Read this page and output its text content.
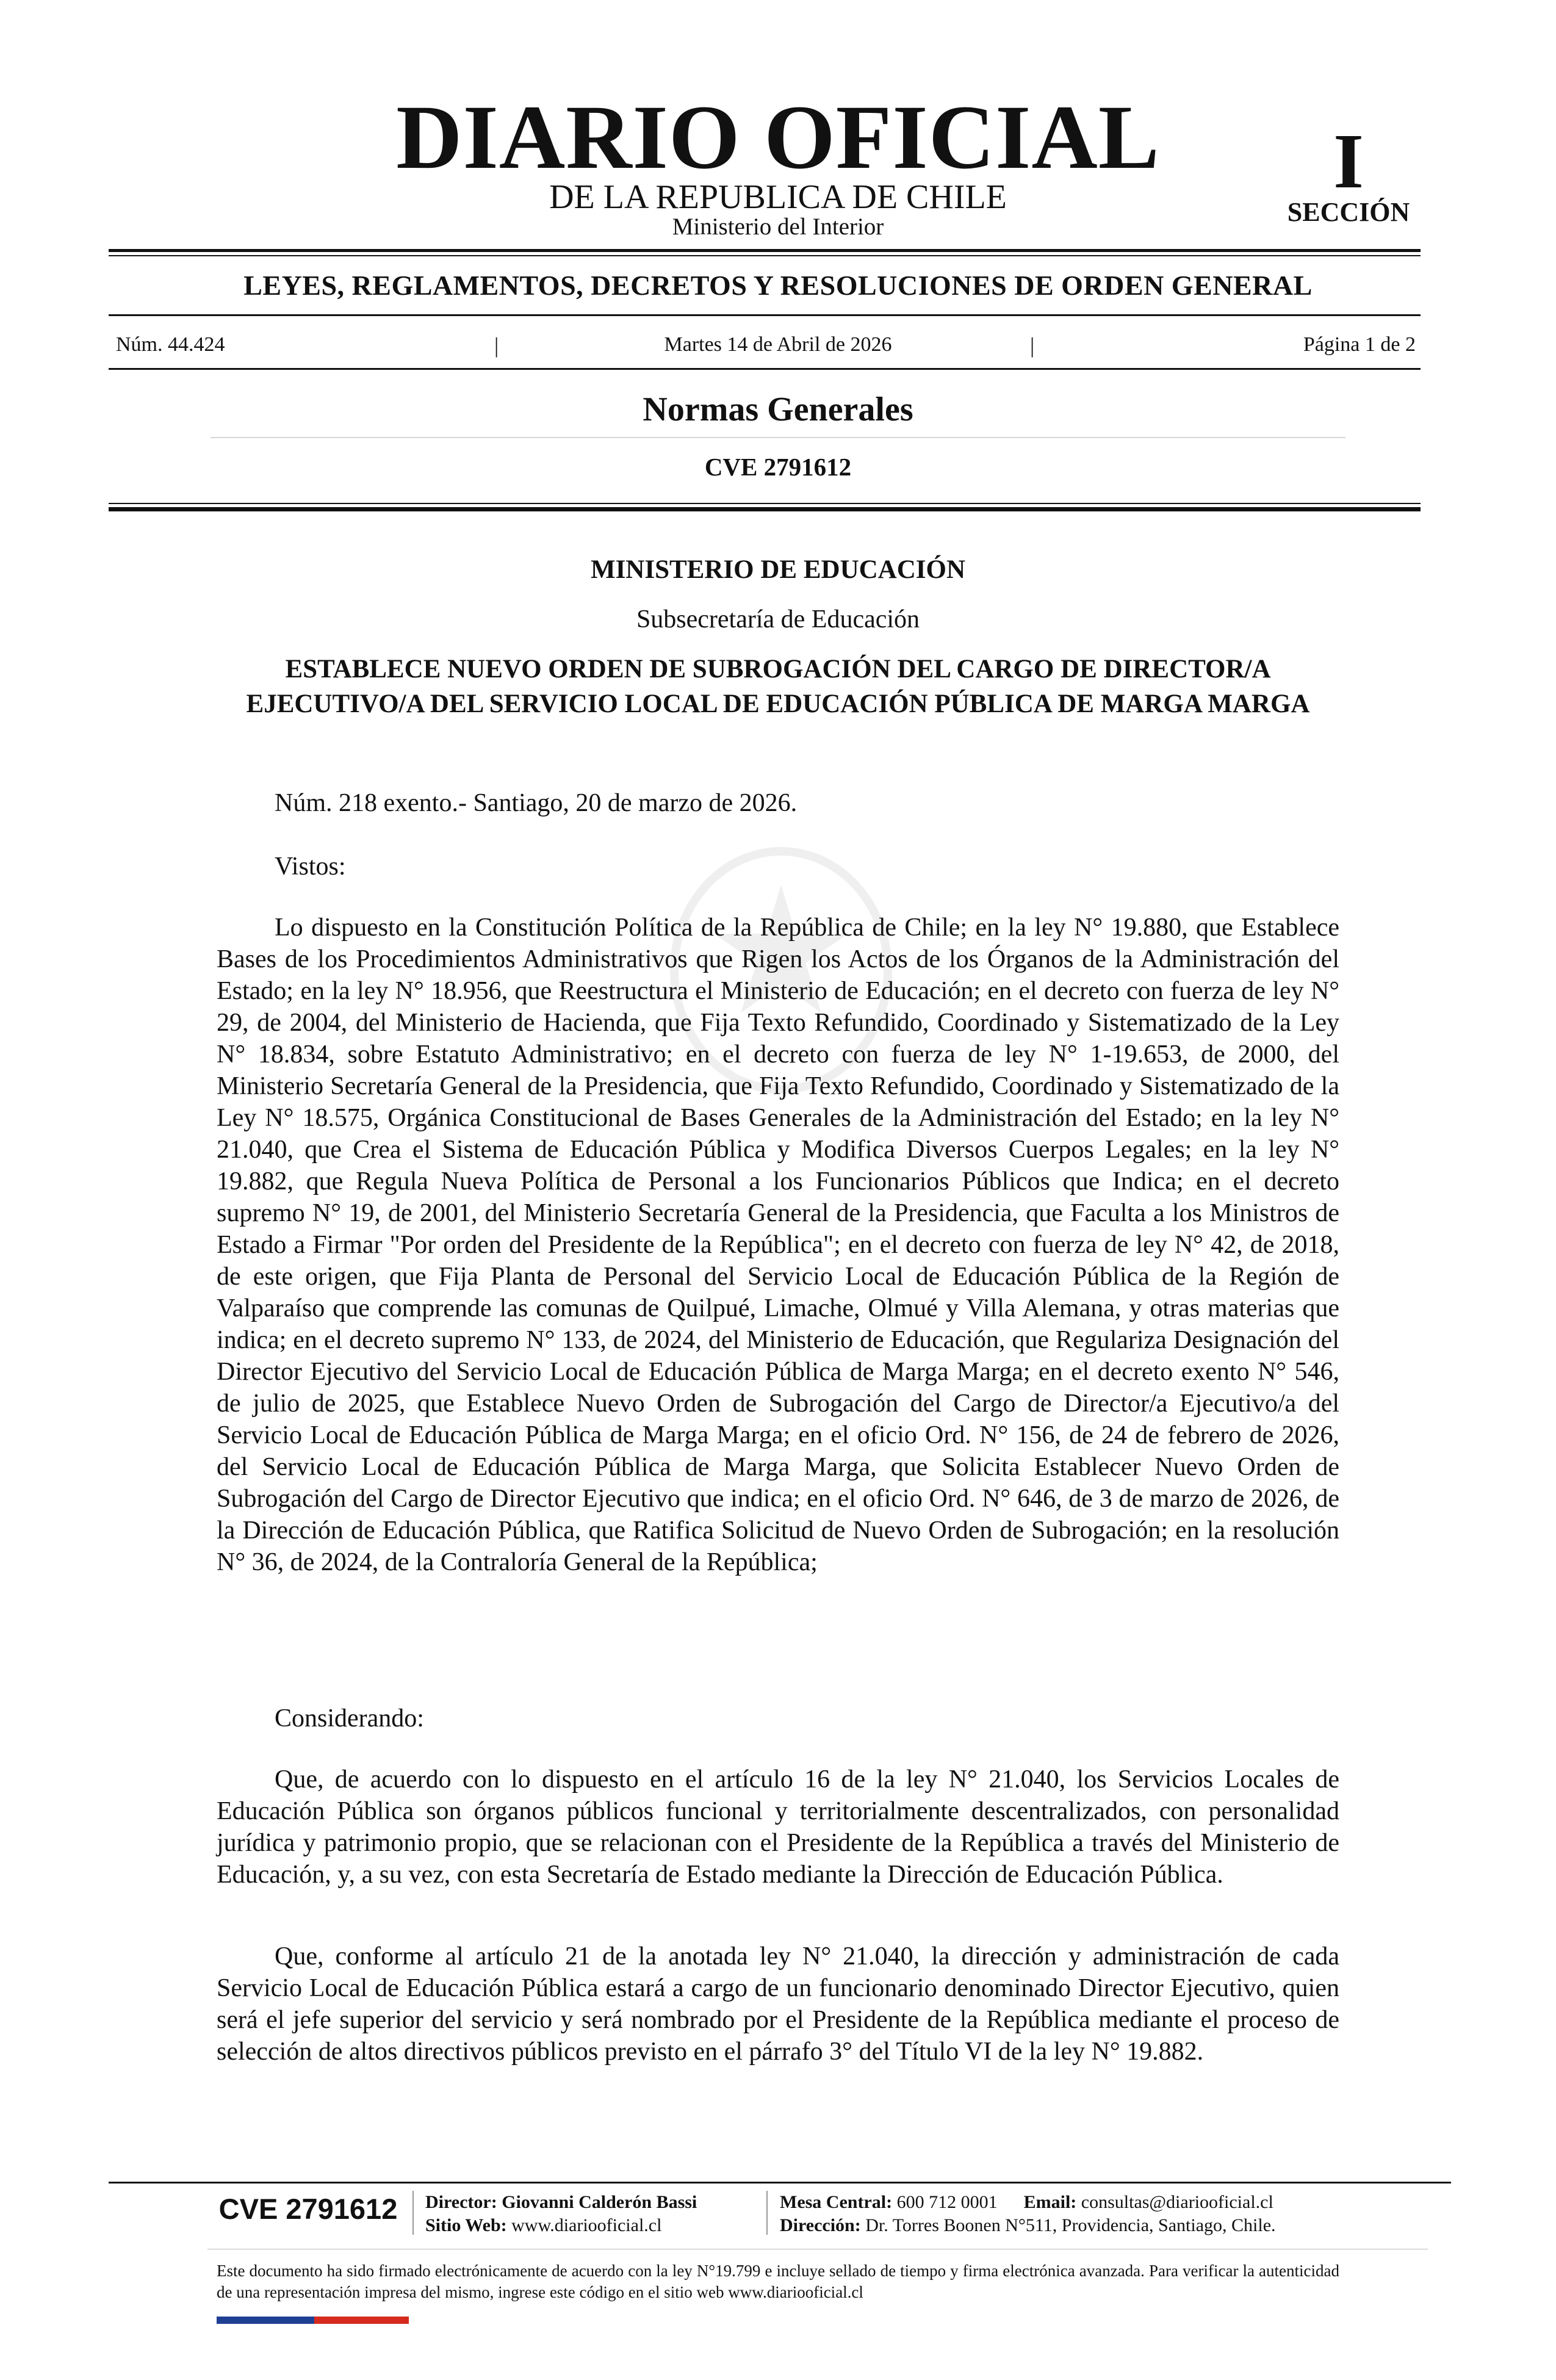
DIARIO OFICIAL
DE LA REPUBLICA DE CHILE
Ministerio del Interior
I
SECCIÓN
LEYES, REGLAMENTOS, DECRETOS Y RESOLUCIONES DE ORDEN GENERAL
Núm. 44.424	|	Martes 14 de Abril de 2026	|	Página 1 de 2
Normas Generales
CVE 2791612
MINISTERIO DE EDUCACIÓN
Subsecretaría de Educación
ESTABLECE NUEVO ORDEN DE SUBROGACIÓN DEL CARGO DE DIRECTOR/A EJECUTIVO/A DEL SERVICIO LOCAL DE EDUCACIÓN PÚBLICA DE MARGA MARGA
Núm. 218 exento.- Santiago, 20 de marzo de 2026.
Vistos:
Lo dispuesto en la Constitución Política de la República de Chile; en la ley N° 19.880, que Establece Bases de los Procedimientos Administrativos que Rigen los Actos de los Órganos de la Administración del Estado; en la ley N° 18.956, que Reestructura el Ministerio de Educación; en el decreto con fuerza de ley N° 29, de 2004, del Ministerio de Hacienda, que Fija Texto Refundido, Coordinado y Sistematizado de la Ley N° 18.834, sobre Estatuto Administrativo; en el decreto con fuerza de ley N° 1-19.653, de 2000, del Ministerio Secretaría General de la Presidencia, que Fija Texto Refundido, Coordinado y Sistematizado de la Ley N° 18.575, Orgánica Constitucional de Bases Generales de la Administración del Estado; en la ley N° 21.040, que Crea el Sistema de Educación Pública y Modifica Diversos Cuerpos Legales; en la ley N° 19.882, que Regula Nueva Política de Personal a los Funcionarios Públicos que Indica; en el decreto supremo N° 19, de 2001, del Ministerio Secretaría General de la Presidencia, que Faculta a los Ministros de Estado a Firmar "Por orden del Presidente de la República"; en el decreto con fuerza de ley N° 42, de 2018, de este origen, que Fija Planta de Personal del Servicio Local de Educación Pública de la Región de Valparaíso que comprende las comunas de Quilpué, Limache, Olmué y Villa Alemana, y otras materias que indica; en el decreto supremo N° 133, de 2024, del Ministerio de Educación, que Regulariza Designación del Director Ejecutivo del Servicio Local de Educación Pública de Marga Marga; en el decreto exento N° 546, de julio de 2025, que Establece Nuevo Orden de Subrogación del Cargo de Director/a Ejecutivo/a del Servicio Local de Educación Pública de Marga Marga; en el oficio Ord. N° 156, de 24 de febrero de 2026, del Servicio Local de Educación Pública de Marga Marga, que Solicita Establecer Nuevo Orden de Subrogación del Cargo de Director Ejecutivo que indica; en el oficio Ord. N° 646, de 3 de marzo de 2026, de la Dirección de Educación Pública, que Ratifica Solicitud de Nuevo Orden de Subrogación; en la resolución N° 36, de 2024, de la Contraloría General de la República;
Considerando:
Que, de acuerdo con lo dispuesto en el artículo 16 de la ley N° 21.040, los Servicios Locales de Educación Pública son órganos públicos funcional y territorialmente descentralizados, con personalidad jurídica y patrimonio propio, que se relacionan con el Presidente de la República a través del Ministerio de Educación, y, a su vez, con esta Secretaría de Estado mediante la Dirección de Educación Pública.
Que, conforme al artículo 21 de la anotada ley N° 21.040, la dirección y administración de cada Servicio Local de Educación Pública estará a cargo de un funcionario denominado Director Ejecutivo, quien será el jefe superior del servicio y será nombrado por el Presidente de la República mediante el proceso de selección de altos directivos públicos previsto en el párrafo 3° del Título VI de la ley N° 19.882.
CVE 2791612	Director: Giovanni Calderón Bassi
Sitio Web: www.diariooficial.cl
Mesa Central: 600 712 0001 Email: consultas@diariooficial.cl
Dirección: Dr. Torres Boonen N°511, Providencia, Santiago, Chile.
Este documento ha sido firmado electrónicamente de acuerdo con la ley N°19.799 e incluye sellado de tiempo y firma electrónica avanzada. Para verificar la autenticidad de una representación impresa del mismo, ingrese este código en el sitio web www.diariooficial.cl
